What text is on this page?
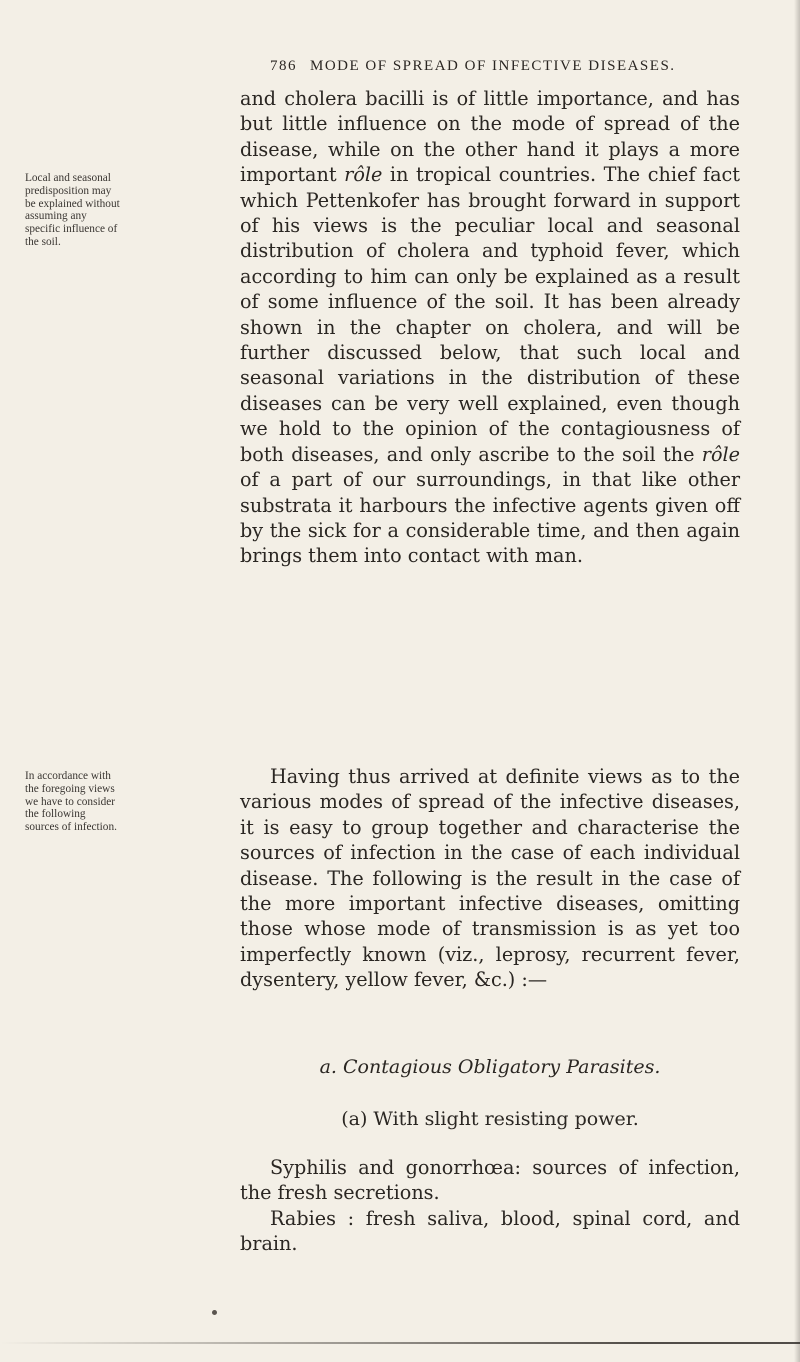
786 MODE OF SPREAD OF INFECTIVE DISEASES.
and cholera bacilli is of little importance, and has but little influence on the mode of spread of the disease, while on the other hand it plays a more important rôle in tropical countries. The chief fact which Pettenkofer has brought forward in support of his views is the peculiar local and seasonal distribution of cholera and typhoid fever, which according to him can only be explained as a result of some influence of the soil. It has been already shown in the chapter on cholera, and will be further discussed below, that such local and seasonal variations in the distribution of these diseases can be very well explained, even though we hold to the opinion of the contagiousness of both diseases, and only ascribe to the soil the rôle of a part of our surroundings, in that like other substrata it harbours the infective agents given off by the sick for a considerable time, and then again brings them into contact with man.
Local and seasonal predisposition may be explained without assuming any specific influence of the soil.
Having thus arrived at definite views as to the various modes of spread of the infective diseases, it is easy to group together and characterise the sources of infection in the case of each individual disease. The following is the result in the case of the more important infective diseases, omitting those whose mode of transmission is as yet too imperfectly known (viz., leprosy, recurrent fever, dysentery, yellow fever, &c.) :—
In accordance with the foregoing views we have to consider the following sources of infection.
a. Contagious Obligatory Parasites.
(a) With slight resisting power.
Syphilis and gonorrhœa: sources of infection, the fresh secretions.
Rabies : fresh saliva, blood, spinal cord, and brain.
